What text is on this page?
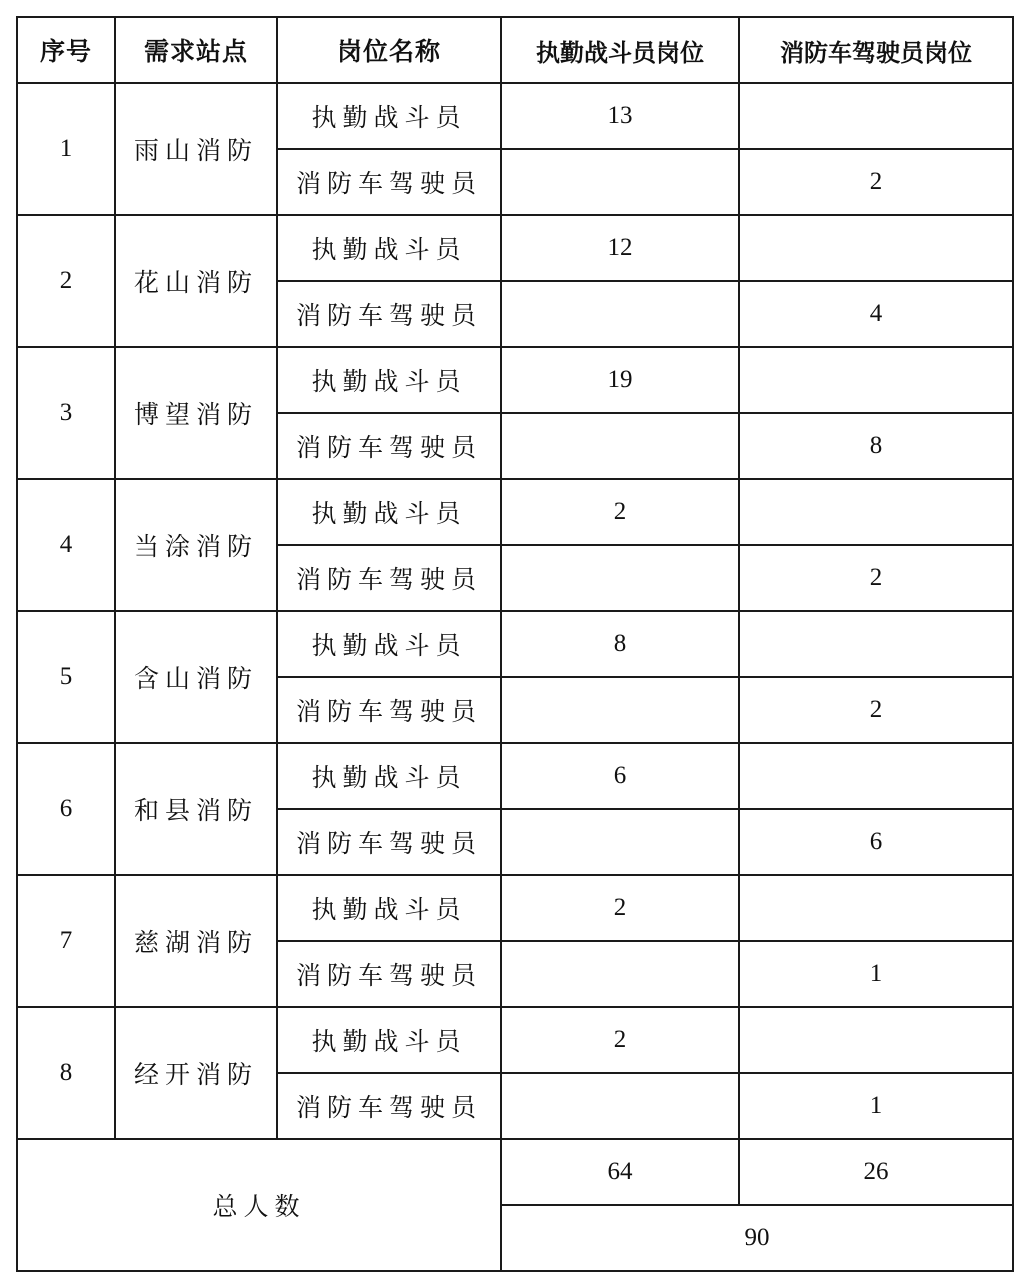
序号	需求站点	岗位名称	执勤战斗员岗位	消防车驾驶员岗位
1	雨山消防	执勤战斗员	13	
		消防车驾驶员		2
2	花山消防	执勤战斗员	12	
		消防车驾驶员		4
3	博望消防	执勤战斗员	19	
		消防车驾驶员		8
4	当涂消防	执勤战斗员	2	
		消防车驾驶员		2
5	含山消防	执勤战斗员	8	
		消防车驾驶员		2
6	和县消防	执勤战斗员	6	
		消防车驾驶员		6
7	慈湖消防	执勤战斗员	2	
		消防车驾驶员		1
8	经开消防	执勤战斗员	2	
		消防车驾驶员		1
总人数			64	26
			90	
